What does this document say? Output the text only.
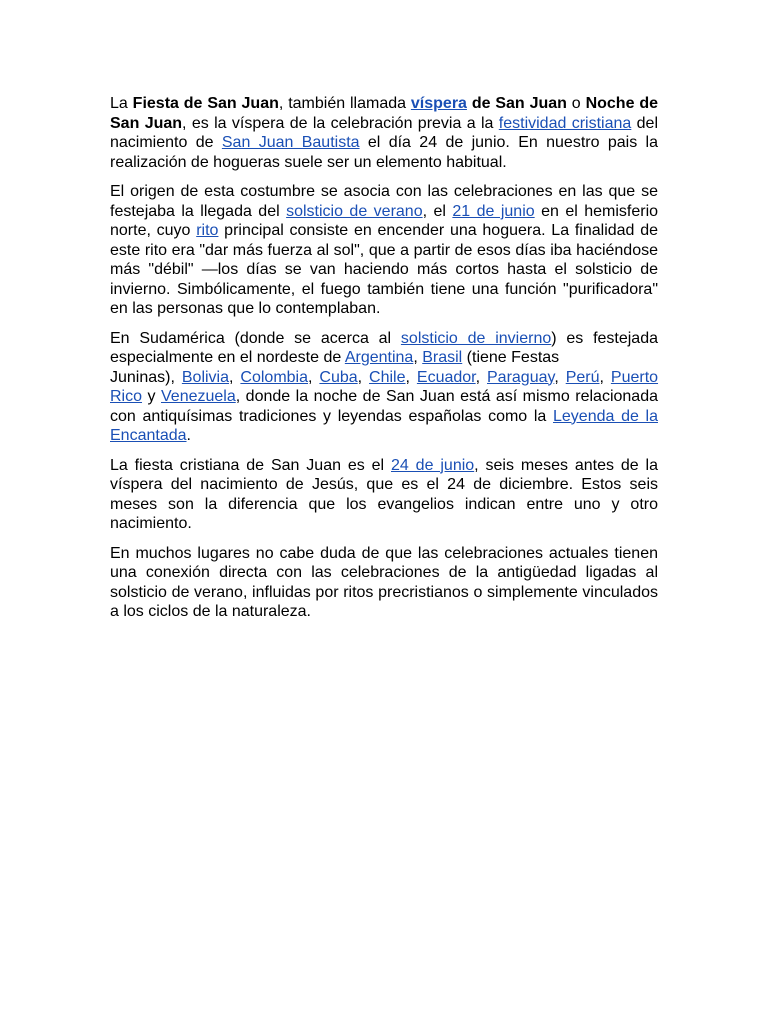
La Fiesta de San Juan, también llamada víspera de San Juan o Noche de San Juan, es la víspera de la celebración previa a la festividad cristiana del nacimiento de San Juan Bautista el día 24 de junio. En nuestro pais la realización de hogueras suele ser un elemento habitual.

El origen de esta costumbre se asocia con las celebraciones en las que se festejaba la llegada del solsticio de verano, el 21 de junio en el hemisferio norte, cuyo rito principal consiste en encender una hoguera. La finalidad de este rito era "dar más fuerza al sol", que a partir de esos días iba haciéndose más "débil" —los días se van haciendo más cortos hasta el solsticio de invierno. Simbólicamente, el fuego también tiene una función "purificadora" en las personas que lo contemplaban.

En Sudamérica (donde se acerca al solsticio de invierno) es festejada especialmente en el nordeste de Argentina, Brasil (tiene Festas
Juninas), Bolivia, Colombia, Cuba, Chile, Ecuador, Paraguay, Perú, Puerto Rico y Venezuela, donde la noche de San Juan está así mismo relacionada con antiquísimas tradiciones y leyendas españolas como la Leyenda de la Encantada.

La fiesta cristiana de San Juan es el 24 de junio, seis meses antes de la víspera del nacimiento de Jesús, que es el 24 de diciembre. Estos seis meses son la diferencia que los evangelios indican entre uno y otro nacimiento.

En muchos lugares no cabe duda de que las celebraciones actuales tienen una conexión directa con las celebraciones de la antigüedad ligadas al solsticio de verano, influidas por ritos precristianos o simplemente vinculados a los ciclos de la naturaleza.
